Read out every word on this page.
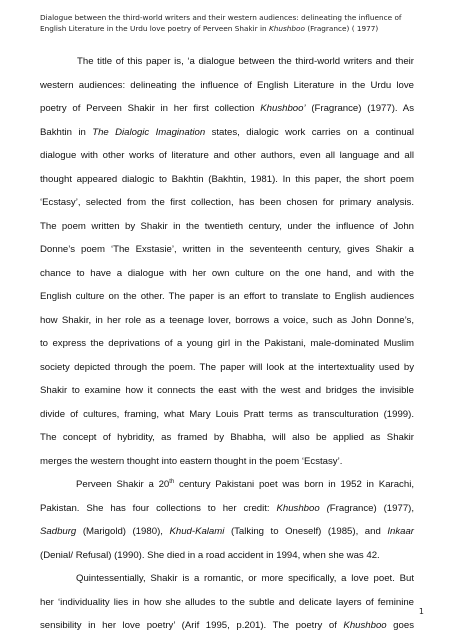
Dialogue between the third-world writers and their western audiences: delineating the influence of
English Literature in the Urdu love poetry of Perveen Shakir in Khushboo (Fragrance) ( 1977)
The title of this paper is, ‘a dialogue between the third-world writers and their
western audiences: delineating the influence of English Literature in the Urdu love
poetry of Perveen Shakir in her first collection Khushboo’ (Fragrance) (1977). As
Bakhtin in The Dialogic Imagination states, dialogic work carries on a continual
dialogue with other works of literature and other authors, even all language and all
thought appeared dialogic to Bakhtin (Bakhtin, 1981). In this paper, the short poem
‘Ecstasy’, selected from the first collection, has been chosen for primary analysis.
The poem written by Shakir in the twentieth century, under the influence of John
Donne’s poem ‘The Exstasie’, written in the seventeenth century, gives Shakir a
chance to have a dialogue with her own culture on the one hand, and with the
English culture on the other. The paper is an effort to translate to English audiences
how Shakir, in her role as a teenage lover, borrows a voice, such as John Donne’s,
to express the deprivations of a young girl in the Pakistani, male-dominated Muslim
society depicted through the poem. The paper will look at the intertextuality used by
Shakir to examine how it connects the east with the west and bridges the invisible
divide of cultures, framing, what Mary Louis Pratt terms as transculturation (1999).
The concept of hybridity, as framed by Bhabha, will also be applied as Shakir
merges the western thought into eastern thought in the poem ‘Ecstasy’.
Perveen Shakir a 20th century Pakistani poet was born in 1952 in Karachi,
Pakistan. She has four collections to her credit: Khushboo (Fragrance) (1977),
Sadburg (Marigold) (1980), Khud-Kalami (Talking to Oneself) (1985), and Inkaar
(Denial/ Refusal) (1990). She died in a road accident in 1994, when she was 42.
Quintessentially, Shakir is a romantic, or more specifically, a love poet. But
her ‘individuality lies in how she alludes to the subtle and delicate layers of feminine
sensibility in her love poetry’ (Arif 1995, p.201). The poetry of Khushboo goes
1
